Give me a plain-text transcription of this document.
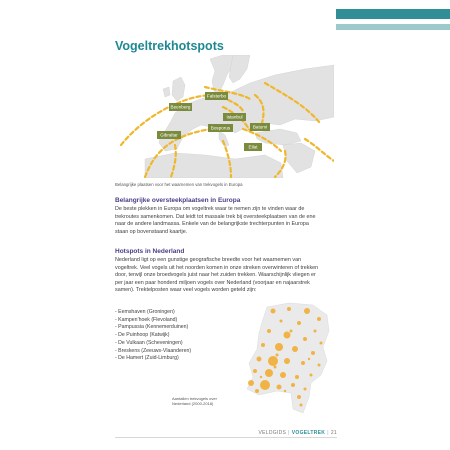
Vogeltrekhotspots
Falsterbo
Beenberg
Gibraltar
Bosporus
Eilat
Batumi
Istanbul
Belangrijke plaatsen voor het waarnemen van trekvogels in Europa
Belangrijke oversteekplaatsen in Europa
De beste plekken in Europa om vogeltrek waar te nemen zijn te vinden waar de
trekroutes samenkomen. Dat leidt tot massale trek bij oversteekplaatsen van de ene
naar de andere landmassa. Enkele van de belangrijkste trechterpunten in Europa
staan op bovenstaand kaartje.
Hotspots in Nederland
Nederland ligt op een gunstige geografische breedte voor het waarnemen van
vogeltrek. Veel vogels uit het noorden komen in onze streken overwinteren of trekken
door, terwijl onze broedvogels juist naar het zuiden trekken. Waarschijnlijk vliegen er
per jaar een paar honderd miljoen vogels over Nederland (voorjaar en najaarstrek
samen). Trektelposten waar veel vogels worden geteld zijn:
- Eemshaven (Groningen)
- Kampen’hoek (Flevoland)
- Pampussia (Kennemerduinen)
- De Puinhoop (Katwijk)
- De Vulkaan (Scheveningen)
- Breskens (Zeeuws-Vlaanderen)
- De Hamert (Zuid-Limburg)
Aantallen trekvogels over
Nederland (2000-2018)
VELDGIDS | VOGELTREK | 21
